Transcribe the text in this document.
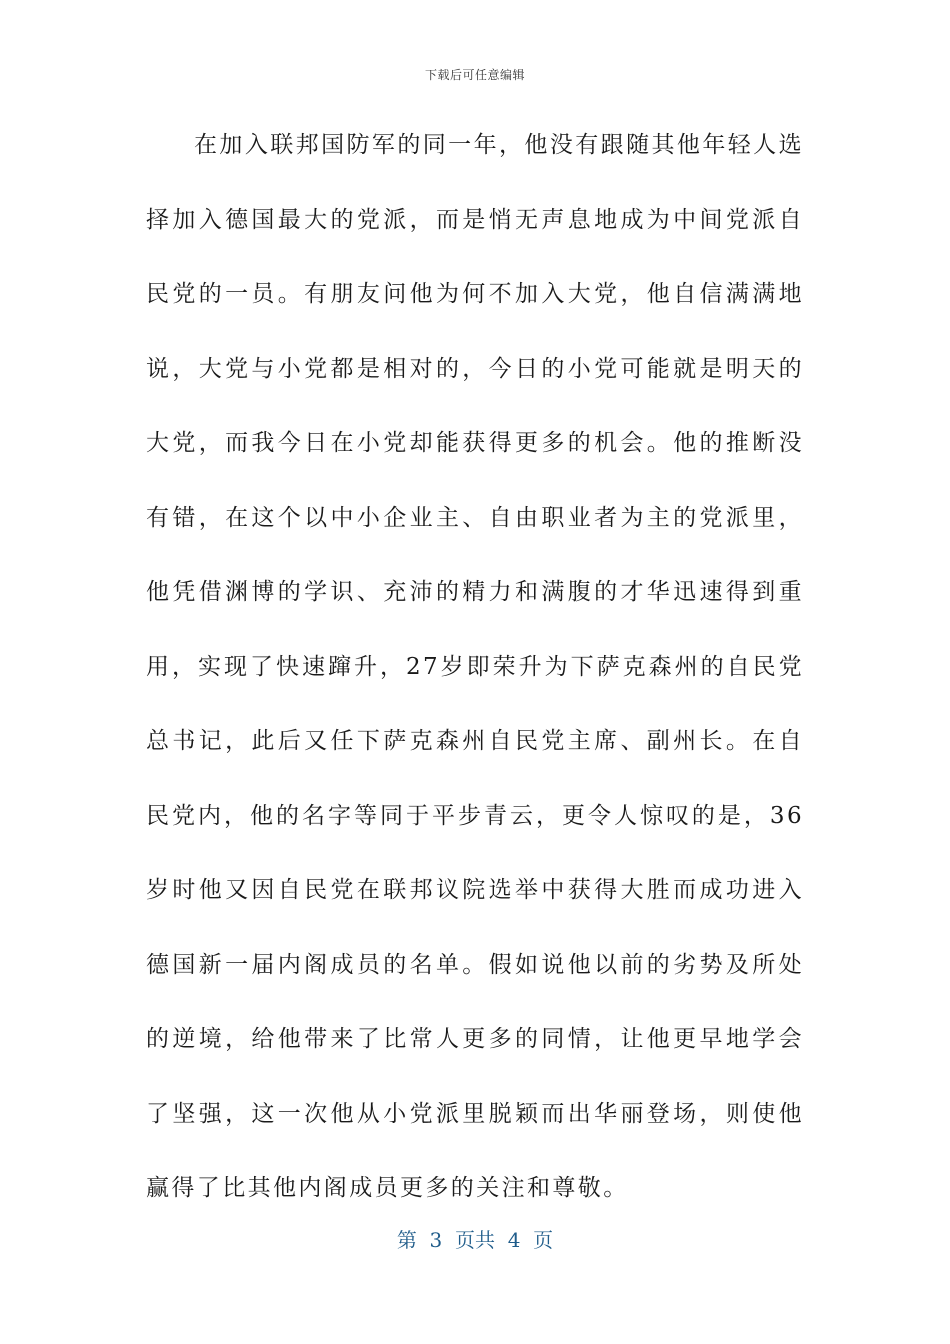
下载后可任意编辑

在加入联邦国防军的同一年，他没有跟随其他年轻人选择加入德国最大的党派，而是悄无声息地成为中间党派自民党的一员。有朋友问他为何不加入大党，他自信满满地说，大党与小党都是相对的，今日的小党可能就是明天的大党，而我今日在小党却能获得更多的机会。他的推断没有错，在这个以中小企业主、自由职业者为主的党派里，他凭借渊博的学识、充沛的精力和满腹的才华迅速得到重用，实现了快速蹿升，27岁即荣升为下萨克森州的自民党总书记，此后又任下萨克森州自民党主席、副州长。在自民党内，他的名字等同于平步青云，更令人惊叹的是，36岁时他又因自民党在联邦议院选举中获得大胜而成功进入德国新一届内阁成员的名单。假如说他以前的劣势及所处的逆境，给他带来了比常人更多的同情，让他更早地学会了坚强，这一次他从小党派里脱颖而出华丽登场，则使他赢得了比其他内阁成员更多的关注和尊敬。

第  3  页共  4  页
